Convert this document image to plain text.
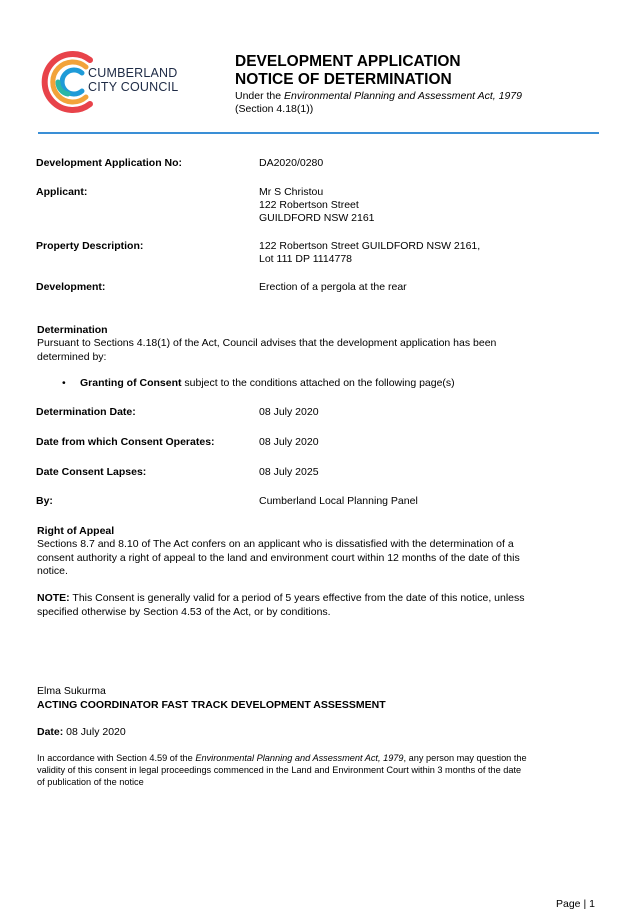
CUMBERLAND
CITY COUNCIL
DEVELOPMENT APPLICATION
NOTICE OF DETERMINATION
Under the Environmental Planning and Assessment Act, 1979
(Section 4.18(1))
Development Application No:	DA2020/0280
Applicant:	Mr S Christou
122 Robertson Street
GUILDFORD NSW 2161
Property Description:	122 Robertson Street GUILDFORD NSW 2161,
Lot 111 DP 1114778
Development:	Erection of a pergola at the rear
Determination
Pursuant to Sections 4.18(1) of the Act, Council advises that the development application has been
determined by:
• Granting of Consent subject to the conditions attached on the following page(s)
Determination Date:	08 July 2020
Date from which Consent Operates:	08 July 2020
Date Consent Lapses:	08 July 2025
By:	Cumberland Local Planning Panel
Right of Appeal
Sections 8.7 and 8.10 of The Act confers on an applicant who is dissatisfied with the determination of a
consent authority a right of appeal to the land and environment court within 12 months of the date of this
notice.
NOTE: This Consent is generally valid for a period of 5 years effective from the date of this notice, unless
specified otherwise by Section 4.53 of the Act, or by conditions.
Elma Sukurma
ACTING COORDINATOR FAST TRACK DEVELOPMENT ASSESSMENT
Date: 08 July 2020
In accordance with Section 4.59 of the Environmental Planning and Assessment Act, 1979, any person may question the
validity of this consent in legal proceedings commenced in the Land and Environment Court within 3 months of the date
of publication of the notice
Page | 1
